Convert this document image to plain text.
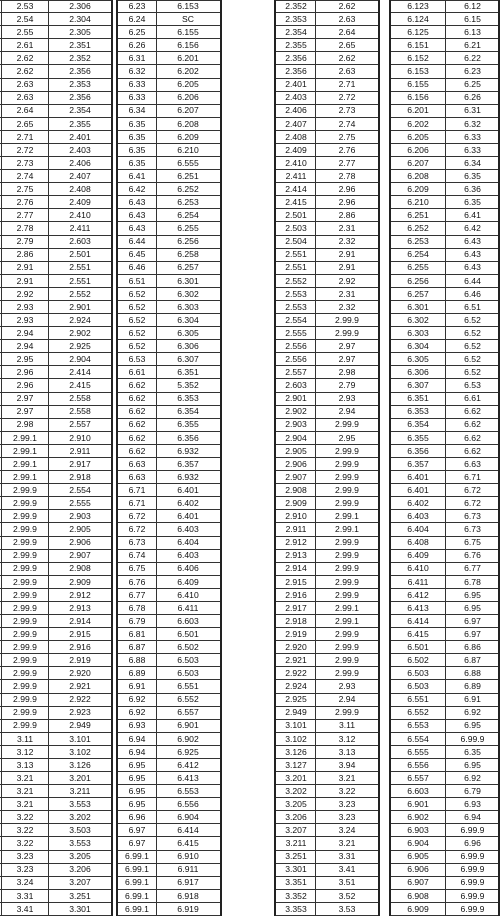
2.53	2.306	6.23	6.153	2.352	2.62	6.123	6.12
2.54	2.304	6.24	SC	2.353	2.63	6.124	6.15
2.55	2.305	6.25	6.155	2.354	2.64	6.125	6.13
2.61	2.351	6.26	6.156	2.355	2.65	6.151	6.21
2.62	2.352	6.31	6.201	2.356	2.62	6.152	6.22
2.62	2.356	6.32	6.202	2.356	2.63	6.153	6.23
2.63	2.353	6.33	6.205	2.401	2.71	6.155	6.25
2.63	2.356	6.33	6.206	2.403	2.72	6.156	6.26
2.64	2.354	6.34	6.207	2.406	2.73	6.201	6.31
2.65	2.355	6.35	6.208	2.407	2.74	6.202	6.32
2.71	2.401	6.35	6.209	2.408	2.75	6.205	6.33
2.72	2.403	6.35	6.210	2.409	2.76	6.206	6.33
2.73	2.406	6.35	6.555	2.410	2.77	6.207	6.34
2.74	2.407	6.41	6.251	2.411	2.78	6.208	6.35
2.75	2.408	6.42	6.252	2.414	2.96	6.209	6.36
2.76	2.409	6.43	6.253	2.415	2.96	6.210	6.35
2.77	2.410	6.43	6.254	2.501	2.86	6.251	6.41
2.78	2.411	6.43	6.255	2.503	2.31	6.252	6.42
2.79	2.603	6.44	6.256	2.504	2.32	6.253	6.43
2.86	2.501	6.45	6.258	2.551	2.91	6.254	6.43
2.91	2.551	6.46	6.257	2.551	2.91	6.255	6.43
2.91	2.551	6.51	6.301	2.552	2.92	6.256	6.44
2.92	2.552	6.52	6.302	2.553	2.31	6.257	6.46
2.93	2.901	6.52	6.303	2.553	2.32	6.301	6.51
2.93	2.924	6.52	6.304	2.554	2.99.9	6.302	6.52
2.94	2.902	6.52	6.305	2.555	2.99.9	6.303	6.52
2.94	2.925	6.52	6.306	2.556	2.97	6.304	6.52
2.95	2.904	6.53	6.307	2.556	2.97	6.305	6.52
2.96	2.414	6.61	6.351	2.557	2.98	6.306	6.52
2.96	2.415	6.62	5.352	2.603	2.79	6.307	6.53
2.97	2.558	6.62	6.353	2.901	2.93	6.351	6.61
2.97	2.558	6.62	6.354	2.902	2.94	6.353	6.62
2.98	2.557	6.62	6.355	2.903	2.99.9	6.354	6.62
2.99.1	2.910	6.62	6.356	2.904	2.95	6.355	6.62
2.99.1	2.911	6.62	6.932	2.905	2.99.9	6.356	6.62
2.99.1	2.917	6.63	6.357	2.906	2.99.9	6.357	6.63
2.99.1	2.918	6.63	6.932	2.907	2.99.9	6.401	6.71
2.99.9	2.554	6.71	6.401	2.908	2.99.9	6.401	6.72
2.99.9	2.555	6.71	6.402	2.909	2.99.9	6.402	6.72
2.99.9	2.903	6.72	6.401	2.910	2.99.1	6.403	6.73
2.99.9	2.905	6.72	6.403	2.911	2.99.1	6.404	6.73
2.99.9	2.906	6.73	6.404	2.912	2.99.9	6.408	6.75
2.99.9	2.907	6.74	6.403	2.913	2.99.9	6.409	6.76
2.99.9	2.908	6.75	6.406	2.914	2.99.9	6.410	6.77
2.99.9	2.909	6.76	6.409	2.915	2.99.9	6.411	6.78
2.99.9	2.912	6.77	6.410	2.916	2.99.9	6.412	6.95
2.99.9	2.913	6.78	6.411	2.917	2.99.1	6.413	6.95
2.99.9	2.914	6.79	6.603	2.918	2.99.1	6.414	6.97
2.99.9	2.915	6.81	6.501	2.919	2.99.9	6.415	6.97
2.99.9	2.916	6.87	6.502	2.920	2.99.9	6.501	6.86
2.99.9	2.919	6.88	6.503	2.921	2.99.9	6.502	6.87
2.99.9	2.920	6.89	6.503	2.922	2.99.9	6.503	6.88
2.99.9	2.921	6.91	6.551	2.924	2.93	6.503	6.89
2.99.9	2.922	6.92	6.552	2.925	2.94	6.551	6.91
2.99.9	2.923	6.92	6.557	2.949	2.99.9	6.552	6.92
2.99.9	2.949	6.93	6.901	3.101	3.11	6.553	6.95
3.11	3.101	6.94	6.902	3.102	3.12	6.554	6.99.9
3.12	3.102	6.94	6.925	3.126	3.13	6.555	6.35
3.13	3.126	6.95	6.412	3.127	3.94	6.556	6.95
3.21	3.201	6.95	6.413	3.201	3.21	6.557	6.92
3.21	3.211	6.95	6.553	3.202	3.22	6.603	6.79
3.21	3.553	6.95	6.556	3.205	3.23	6.901	6.93
3.22	3.202	6.96	6.904	3.206	3.23	6.902	6.94
3.22	3.503	6.97	6.414	3.207	3.24	6.903	6.99.9
3.22	3.553	6.97	6.415	3.211	3.21	6.904	6.96
3.23	3.205	6.99.1	6.910	3.251	3.31	6.905	6.99.9
3.23	3.206	6.99.1	6.911	3.301	3.41	6.906	6.99.9
3.24	3.207	6.99.1	6.917	3.351	3.51	6.907	6.99.9
3.31	3.251	6.99.1	6.918	3.352	3.52	6.908	6.99.9
3.41	3.301	6.99.1	6.919	3.353	3.53	6.909	6.99.9
